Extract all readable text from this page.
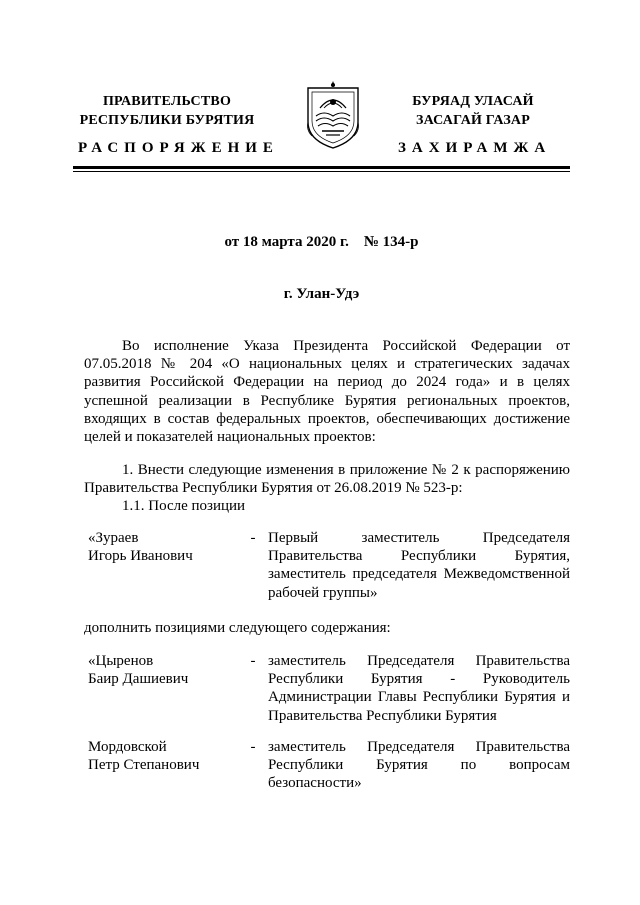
ПРАВИТЕЛЬСТВО
РЕСПУБЛИКИ БУРЯТИЯ
БУРЯАД УЛАСАЙ
ЗАСАГАЙ ГАЗАР
РАСПОРЯЖЕНИЕ	ЗАХИРАМЖА
от 18 марта 2020 г.    № 134-р
г. Улан-Удэ
Во исполнение Указа Президента Российской Федерации от 07.05.2018 № 204 «О национальных целях и стратегических задачах развития Российской Федерации на период до 2024 года» и в целях успешной реализации в Республике Бурятия региональных проектов, входящих в состав федеральных проектов, обеспечивающих достижение целей и показателей национальных проектов:
1. Внести следующие изменения в приложение № 2 к распоряжению Правительства Республики Бурятия от 26.08.2019 № 523-р:
1.1. После позиции
«Зураев
Игорь Иванович
- Первый заместитель Председателя Правительства Республики Бурятия, заместитель председателя Межведомственной рабочей группы»
дополнить позициями следующего содержания:
«Цыренов
Баир Дашиевич
- заместитель Председателя Правительства Республики Бурятия - Руководитель Администрации Главы Республики Бурятия и Правительства Республики Бурятия
Мордовской
Петр Степанович
- заместитель Председателя Правительства Республики Бурятия по вопросам безопасности»
